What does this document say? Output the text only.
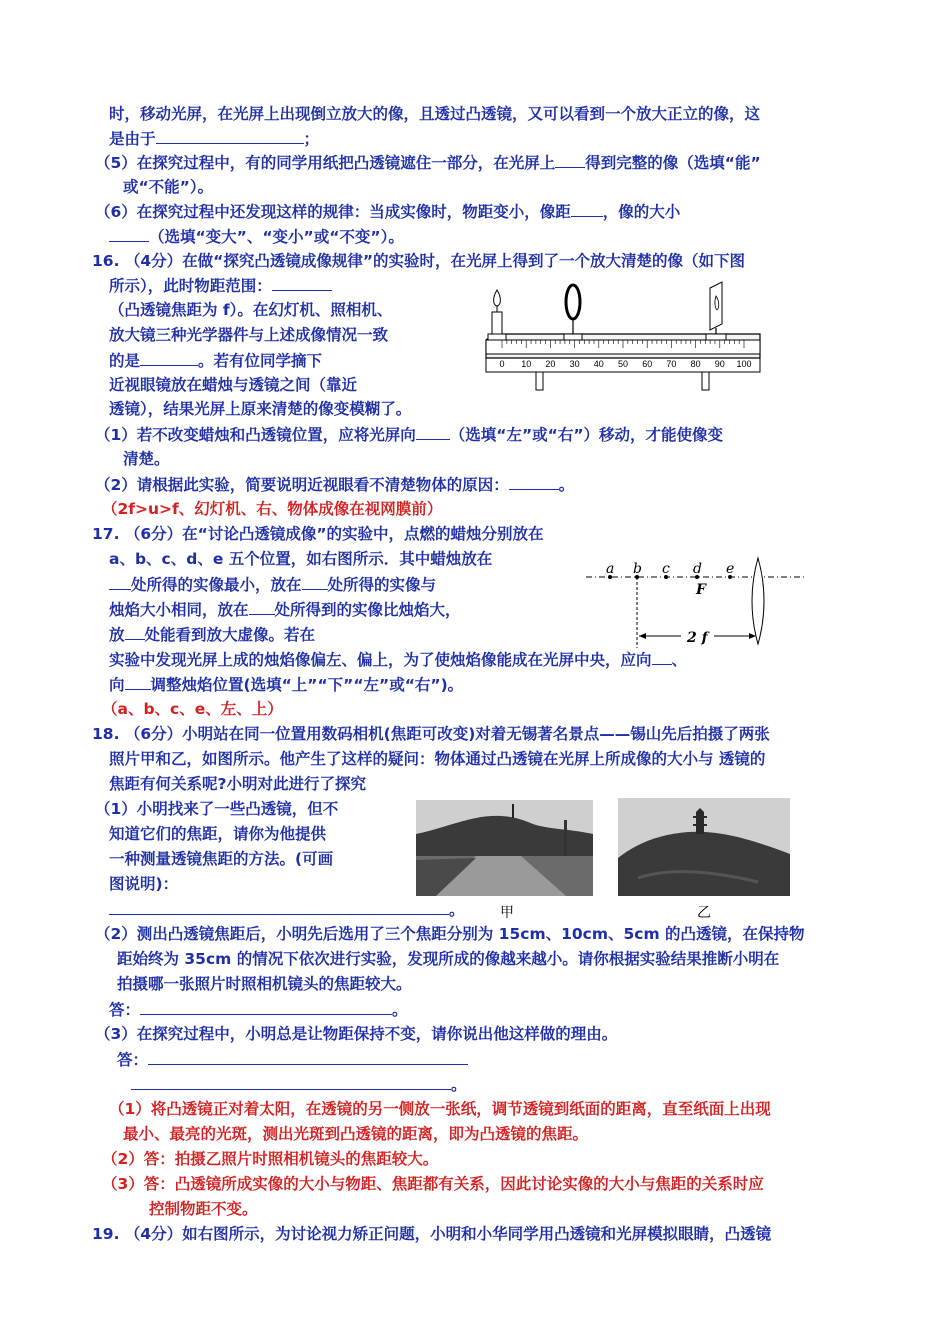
时，移动光屏，在光屏上出现倒立放大的像，且透过凸透镜，又可以看到一个放大正立的像，这
是由于	；
（5）在探究过程中，有的同学用纸把凸透镜遮住一部分，在光屏上 得到完整的像（选填“能”
或“不能”）。
（6）在探究过程中还发现这样的规律：当成实像时，物距变小，像距 ，像的大小
（选填“变大”、“变小”或“不变”）。
16. （4分）在做“探究凸透镜成像规律”的实验时，在光屏上得到了一个放大清楚的像（如下图
所示），此时物距范围：
（凸透镜焦距为 f）。在幻灯机、照相机、
放大镜三种光学器件与上述成像情况一致
的是	。若有位同学摘下
近视眼镜放在蜡烛与透镜之间（靠近
透镜），结果光屏上原来清楚的像变模糊了。
（1）若不改变蜡烛和凸透镜位置，应将光屏向 （选填“左”或“右”）移动，才能使像变
清楚。
（2）请根据此实验，简要说明近视眼看不清楚物体的原因：	。
（2f>u>f、幻灯机、右、物体成像在视网膜前）
17. （6分）在“讨论凸透镜成像”的实验中，点燃的蜡烛分别放在
a、b、c、d、e 五个位置，如右图所示．其中蜡烛放在
处所得的实像最小，放在 处所得的实像与
烛焰大小相同，放在 处所得到的实像比烛焰大，
放 处能看到放大虚像。若在
实验中发现光屏上成的烛焰像偏左、偏上，为了使烛焰像能成在光屏中央，应向 、
向 调整烛焰位置(选填“上”“下”“左”或“右”)。
（a、b、c、e、左、上）
18. （6分）小明站在同一位置用数码相机(焦距可改变)对着无锡著名景点——锡山先后拍摄了两张
照片甲和乙，如图所示。他产生了这样的疑问：物体通过凸透镜在光屏上所成像的大小与 透镜的
焦距有何关系呢?小明对此进行了探究
（1）小明找来了一些凸透镜，但不
知道它们的焦距，请你为他提供
一种测量透镜焦距的方法。(可画
图说明)：
。
（2）测出凸透镜焦距后，小明先后选用了三个焦距分别为 15cm、10cm、5cm 的凸透镜，在保持物
距始终为 35cm 的情况下依次进行实验，发现所成的像越来越小。请你根据实验结果推断小明在
拍摄哪一张照片时照相机镜头的焦距较大。
答：	。
（3）在探究过程中，小明总是让物距保持不变，请你说出他这样做的理由。
答：
。
（1）将凸透镜正对着太阳，在透镜的另一侧放一张纸，调节透镜到纸面的距离，直至纸面上出现
最小、最亮的光斑，测出光斑到凸透镜的距离，即为凸透镜的焦距。
（2）答：拍摄乙照片时照相机镜头的焦距较大。
（3）答：凸透镜所成实像的大小与物距、焦距都有关系，因此讨论实像的大小与焦距的关系时应
控制物距不变。
19. （4分）如右图所示，为讨论视力矫正问题，小明和小华同学用凸透镜和光屏模拟眼睛，凸透镜
0 10 20 30 40 50 60 70 80 90 100
a b c d e
F
2 f
甲	乙
